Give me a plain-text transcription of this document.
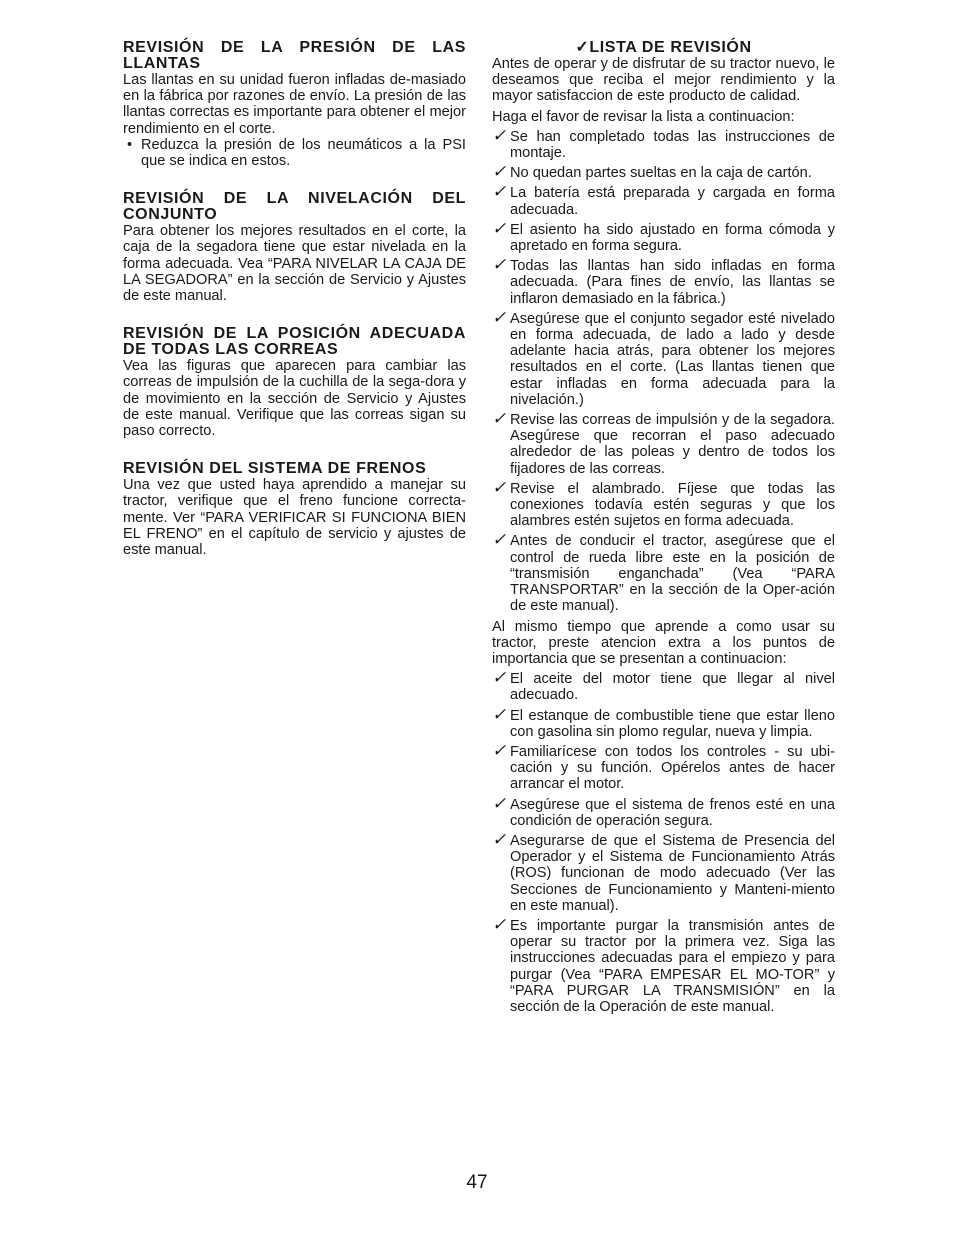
REVISIÓN DE LA PRESIÓN DE LAS LLANTAS

Las llantas en su unidad fueron infladas de-masiado en la fábrica por razones de envío. La presión de las llantas correctas es importante para obtener el mejor rendimiento en el corte.

• Reduzca la presión de los neumáticos a la PSI que se indica en estos.

REVISIÓN DE LA NIVELACIÓN DEL CONJUNTO

Para obtener los mejores resultados en el corte, la caja de la segadora tiene que estar nivelada en la forma adecuada. Vea “PARA NIVELAR LA CAJA DE LA SEGADORA” en la sección de Servicio y Ajustes de este manual.

REVISIÓN DE LA POSICIÓN ADECUADA DE TODAS LAS CORREAS

Vea las figuras que aparecen para cambiar las correas de impulsión de la cuchilla de la sega-dora y de movimiento en la sección de Servicio y Ajustes de este manual. Verifique que las correas sigan su paso correcto.

REVISIÓN DEL SISTEMA DE FRENOS

Una vez que usted haya aprendido a manejar su tractor, verifique que el freno funcione correcta-mente. Ver “PARA VERIFICAR SI FUNCIONA BIEN EL FRENO” en el capítulo de servicio y ajustes de este manual.

✓LISTA DE REVISIÓN

Antes de operar y de disfrutar de su tractor nuevo, le deseamos que reciba el mejor rendimiento y la mayor satisfaccion de este producto de calidad.

Haga el favor de revisar la lista a continuacion:

✓ Se han completado todas las instrucciones de montaje.
✓ No quedan partes sueltas en la caja de cartón.
✓ La batería está preparada y cargada en forma adecuada.
✓ El asiento ha sido ajustado en forma cómoda y apretado en forma segura.
✓ Todas las llantas han sido infladas en forma adecuada. (Para fines de envío, las llantas se inflaron demasiado en la fábrica.)
✓ Asegúrese que el conjunto segador esté nivelado en forma adecuada, de lado a lado y desde adelante hacia atrás, para obtener los mejores resultados en el corte. (Las llantas tienen que estar infladas en forma adecuada para la nivelación.)
✓ Revise las correas de impulsión y de la segadora. Asegúrese que recorran el paso adecuado alrededor de las poleas y dentro de todos los fijadores de las correas.
✓ Revise el alambrado. Fíjese que todas las conexiones todavía estén seguras y que los alambres estén sujetos en forma adecuada.
✓ Antes de conducir el tractor, asegúrese que el control de rueda libre este en la posición de “transmisión enganchada” (Vea “PARA TRANSPORTAR” en la sección de la Oper-ación de este manual).

Al mismo tiempo que aprende a como usar su tractor, preste atencion extra a los puntos de importancia que se presentan a continuacion:

✓ El aceite del motor tiene que llegar al nivel adecuado.
✓ El estanque de combustible tiene que estar lleno con gasolina sin plomo regular, nueva y limpia.
✓ Familiarícese con todos los controles - su ubi-cación y su función. Opérelos antes de hacer arrancar el motor.
✓ Asegúrese que el sistema de frenos esté en una condición de operación segura.
✓ Asegurarse de que el Sistema de Presencia del Operador y el Sistema de Funcionamiento Atrás (ROS) funcionan de modo adecuado (Ver las Secciones de Funcionamiento y Manteni-miento en este manual).
✓ Es importante purgar la transmisión antes de operar su tractor por la primera vez. Siga las instrucciones adecuadas para el empiezo y para purgar (Vea “PARA EMPESAR EL MO-TOR” y “PARA PURGAR LA TRANSMISIÓN” en la sección de la Operación de este manual.
47
